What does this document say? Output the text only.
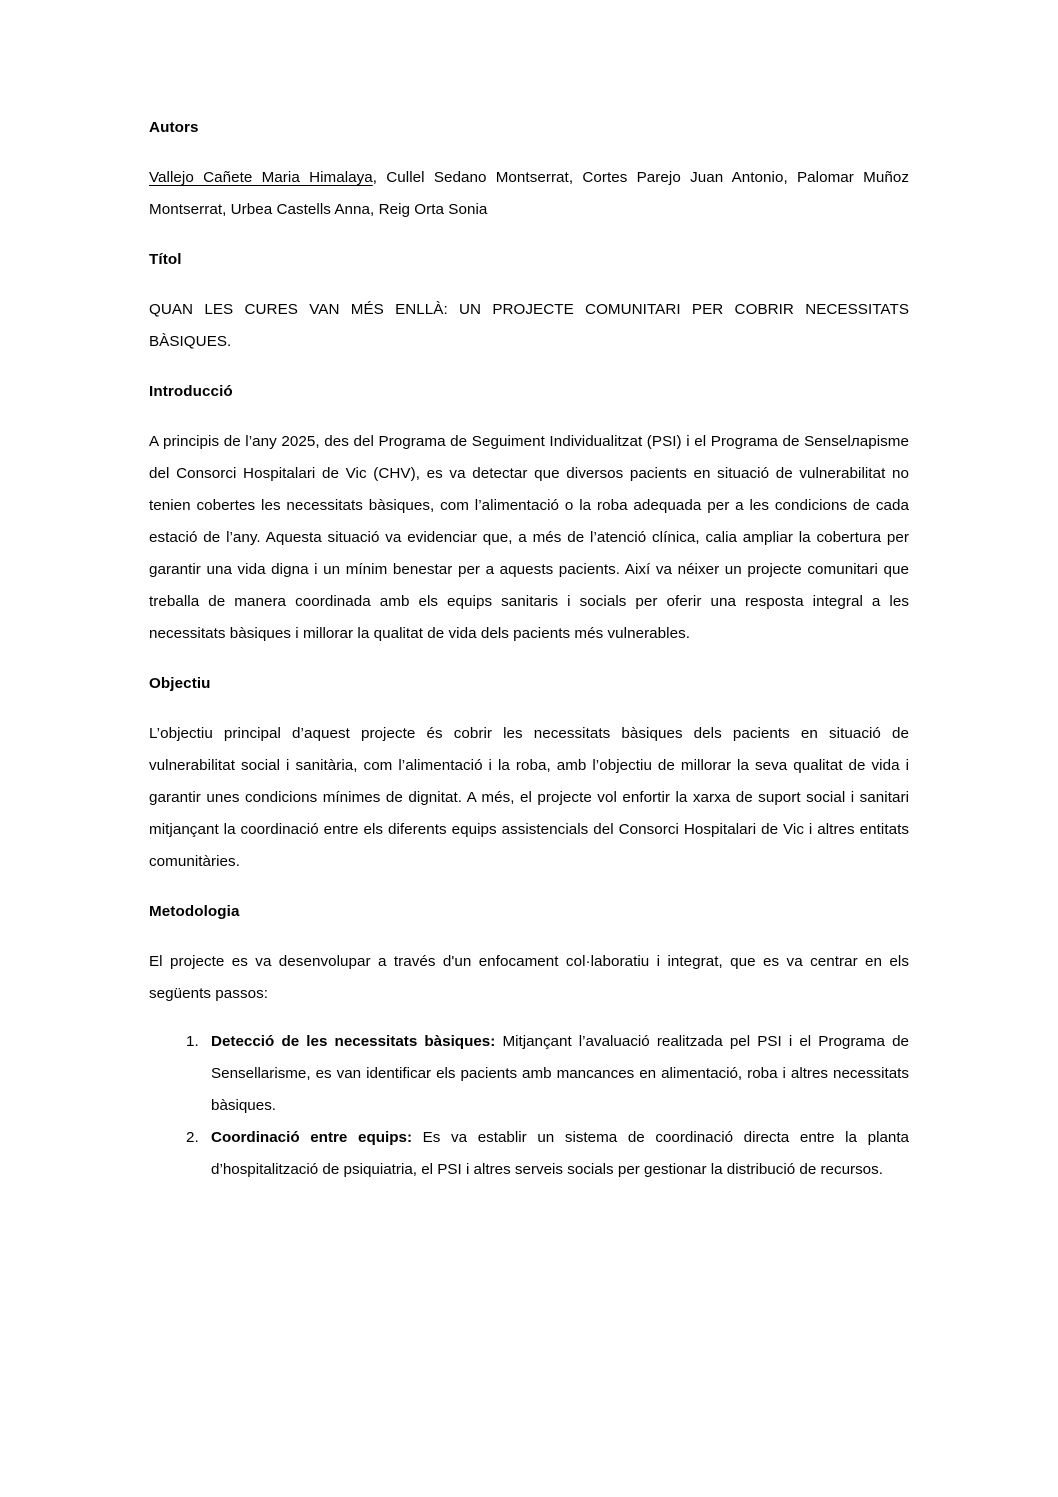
Autors

Vallejo Cañete Maria Himalaya, Cullel Sedano Montserrat, Cortes Parejo Juan Antonio, Palomar Muñoz Montserrat, Urbea Castells Anna, Reig Orta Sonia

Títol

QUAN LES CURES VAN MÉS ENLLÀ: UN PROJECTE COMUNITARI PER COBRIR NECESSITATS BÀSIQUES.

Introducció

A principis de l’any 2025, des del Programa de Seguiment Individualitzat (PSI) i el Programa de Senselларisme del Consorci Hospitalari de Vic (CHV), es va detectar que diversos pacients en situació de vulnerabilitat no tenien cobertes les necessitats bàsiques, com l’alimentació o la roba adequada per a les condicions de cada estació de l’any. Aquesta situació va evidenciar que, a més de l’atenció clínica, calia ampliar la cobertura per garantir una vida digna i un mínim benestar per a aquests pacients. Així va néixer un projecte comunitari que treballa de manera coordinada amb els equips sanitaris i socials per oferir una resposta integral a les necessitats bàsiques i millorar la qualitat de vida dels pacients més vulnerables.

Objectiu

L’objectiu principal d’aquest projecte és cobrir les necessitats bàsiques dels pacients en situació de vulnerabilitat social i sanitària, com l’alimentació i la roba, amb l’objectiu de millorar la seva qualitat de vida i garantir unes condicions mínimes de dignitat. A més, el projecte vol enfortir la xarxa de suport social i sanitari mitjançant la coordinació entre els diferents equips assistencials del Consorci Hospitalari de Vic i altres entitats comunitàries.

Metodologia

El projecte es va desenvolupar a través d'un enfocament col·laboratiu i integrat, que es va centrar en els següents passos:

Detecció de les necessitats bàsiques: Mitjançant l’avaluació realitzada pel PSI i el Programa de Sensellarisme, es van identificar els pacients amb mancances en alimentació, roba i altres necessitats bàsiques.
Coordinació entre equips: Es va establir un sistema de coordinació directa entre la planta d’hospitalització de psiquiatria, el PSI i altres serveis socials per gestionar la distribució de recursos.
